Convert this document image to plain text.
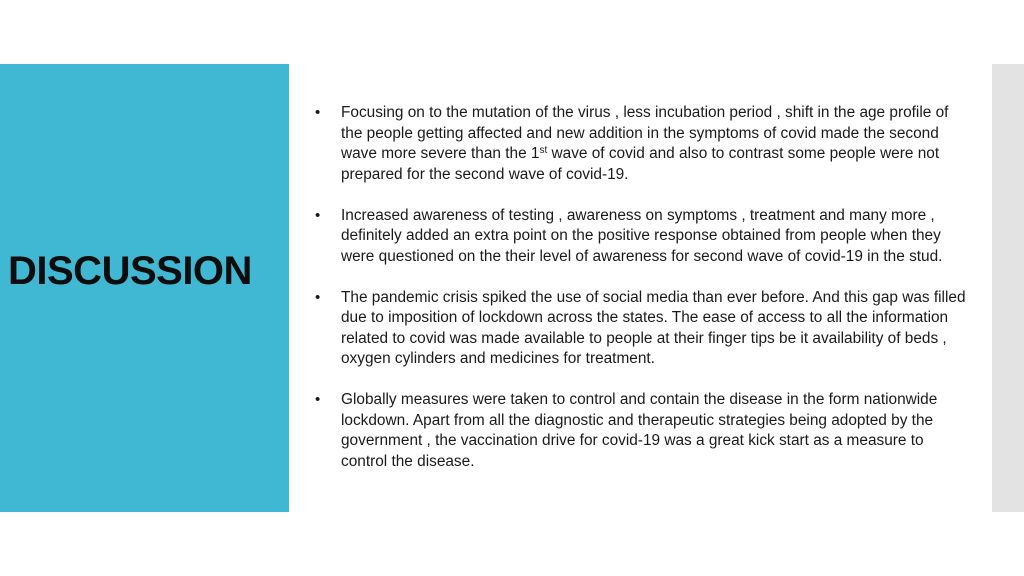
DISCUSSION
• Focusing on to the mutation of the virus , less incubation period , shift in the age profile of the people getting affected and new addition in the symptoms of covid made the second wave more severe than the 1st wave of covid and also to contrast some people were not prepared for the second wave of covid-19.
• Increased awareness of testing , awareness on symptoms , treatment and many more , definitely added an extra point on the positive response obtained from people when they were questioned on the their level of awareness for second wave of covid-19 in the stud.
• The pandemic crisis spiked the use of social media than ever before. And this gap was filled due to imposition of lockdown across the states. The ease of access to all the information related to covid was made available to people at their finger tips be it availability of beds , oxygen cylinders and medicines for treatment.
• Globally measures were taken to control and contain the disease in the form nationwide lockdown. Apart from all the diagnostic and therapeutic strategies being adopted by the government , the vaccination drive for covid-19 was a great kick start as a measure to control the disease.
